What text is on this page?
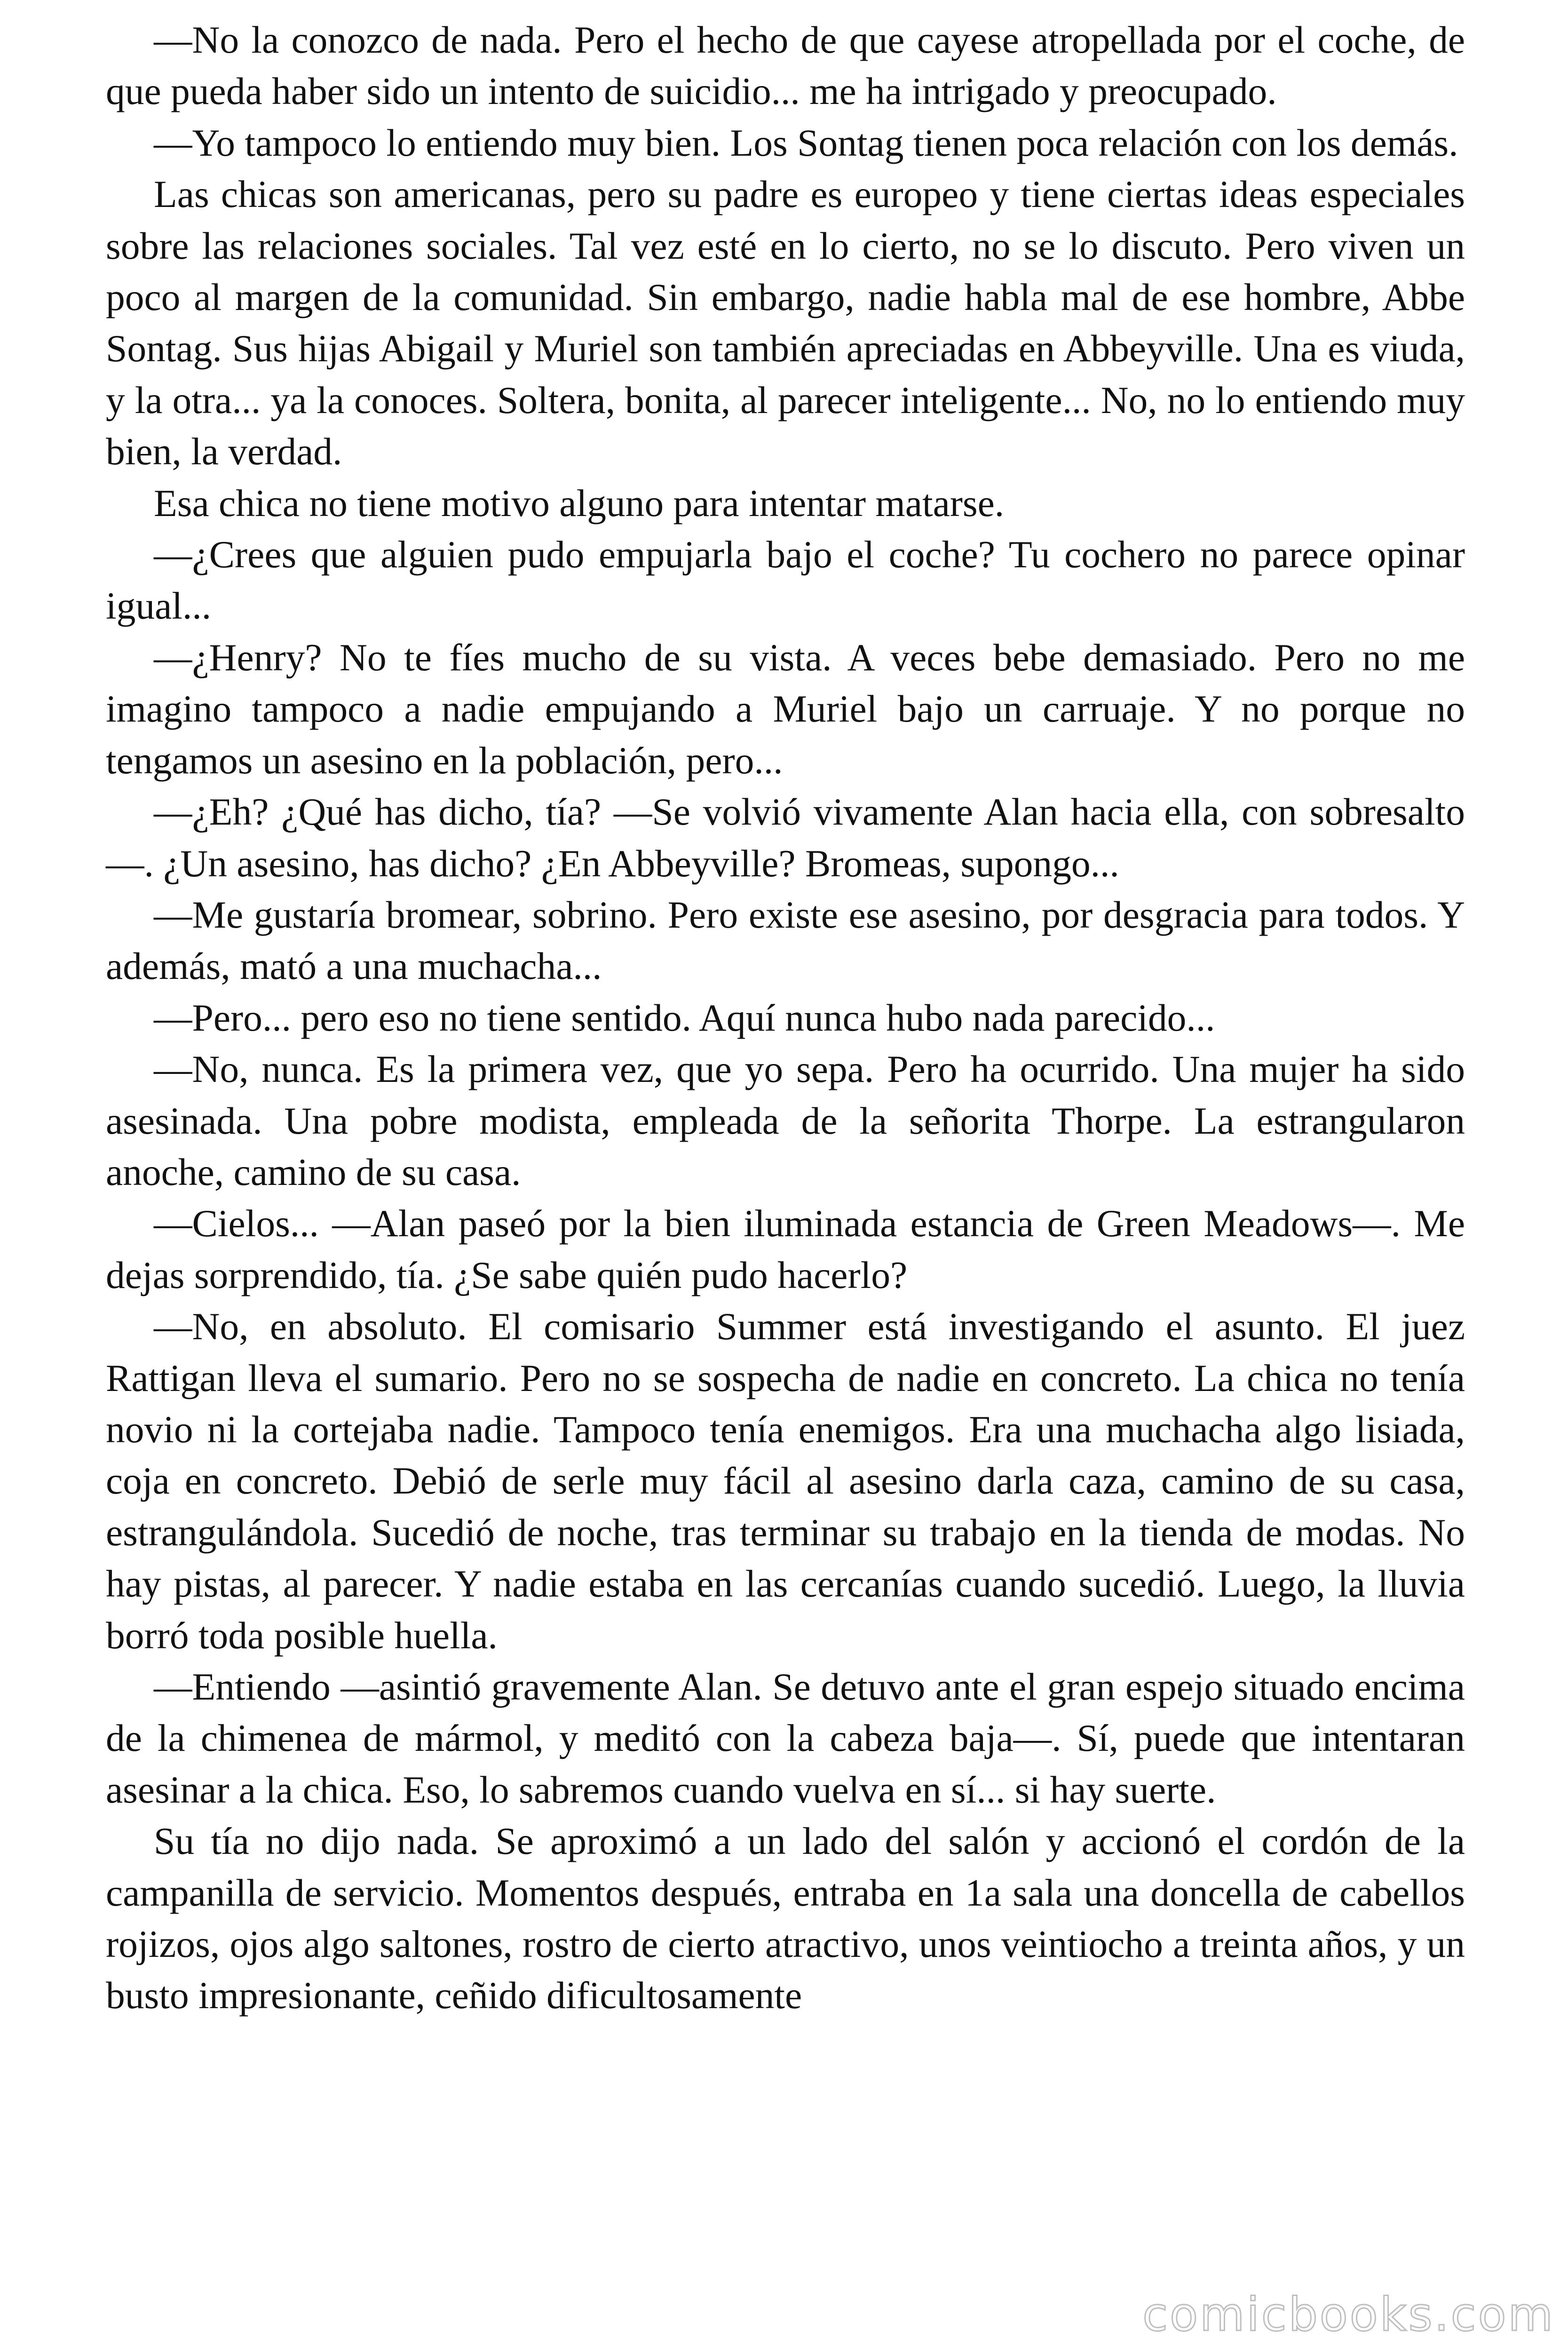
—No la conozco de nada. Pero el hecho de que cayese atropellada por el coche, de que pueda haber sido un intento de suicidio... me ha intrigado y preocupado.

—Yo tampoco lo entiendo muy bien. Los Sontag tienen poca relación con los demás.

Las chicas son americanas, pero su padre es europeo y tiene ciertas ideas especiales sobre las relaciones sociales. Tal vez esté en lo cierto, no se lo discuto. Pero viven un poco al margen de la comunidad. Sin embargo, nadie habla mal de ese hombre, Abbe Sontag. Sus hijas Abigail y Muriel son también apreciadas en Abbeyville. Una es viuda, y la otra... ya la conoces. Soltera, bonita, al parecer inteligente... No, no lo entiendo muy bien, la verdad.

Esa chica no tiene motivo alguno para intentar matarse.

—¿Crees que alguien pudo empujarla bajo el coche? Tu cochero no parece opinar igual...

—¿Henry? No te fíes mucho de su vista. A veces bebe demasiado. Pero no me imagino tampoco a nadie empujando a Muriel bajo un carruaje. Y no porque no tengamos un asesino en la población, pero...

—¿Eh? ¿Qué has dicho, tía? —Se volvió vivamente Alan hacia ella, con sobresalto—. ¿Un asesino, has dicho? ¿En Abbeyville? Bromeas, supongo...

—Me gustaría bromear, sobrino. Pero existe ese asesino, por desgracia para todos. Y además, mató a una muchacha...

—Pero... pero eso no tiene sentido. Aquí nunca hubo nada parecido...

—No, nunca. Es la primera vez, que yo sepa. Pero ha ocurrido. Una mujer ha sido asesinada. Una pobre modista, empleada de la señorita Thorpe. La estrangularon anoche, camino de su casa.

—Cielos... —Alan paseó por la bien iluminada estancia de Green Meadows—. Me dejas sorprendido, tía. ¿Se sabe quién pudo hacerlo?

—No, en absoluto. El comisario Summer está investigando el asunto. El juez Rattigan lleva el sumario. Pero no se sospecha de nadie en concreto. La chica no tenía novio ni la cortejaba nadie. Tampoco tenía enemigos. Era una muchacha algo lisiada, coja en concreto. Debió de serle muy fácil al asesino darla caza, camino de su casa, estrangulándola. Sucedió de noche, tras terminar su trabajo en la tienda de modas. No hay pistas, al parecer. Y nadie estaba en las cercanías cuando sucedió. Luego, la lluvia borró toda posible huella.

—Entiendo —asintió gravemente Alan. Se detuvo ante el gran espejo situado encima de la chimenea de mármol, y meditó con la cabeza baja—. Sí, puede que intentaran asesinar a la chica. Eso, lo sabremos cuando vuelva en sí... si hay suerte.

Su tía no dijo nada. Se aproximó a un lado del salón y accionó el cordón de la campanilla de servicio. Momentos después, entraba en 1a sala una doncella de cabellos rojizos, ojos algo saltones, rostro de cierto atractivo, unos veintiocho a treinta años, y un busto impresionante, ceñido dificultosamente

comicbooks.com
